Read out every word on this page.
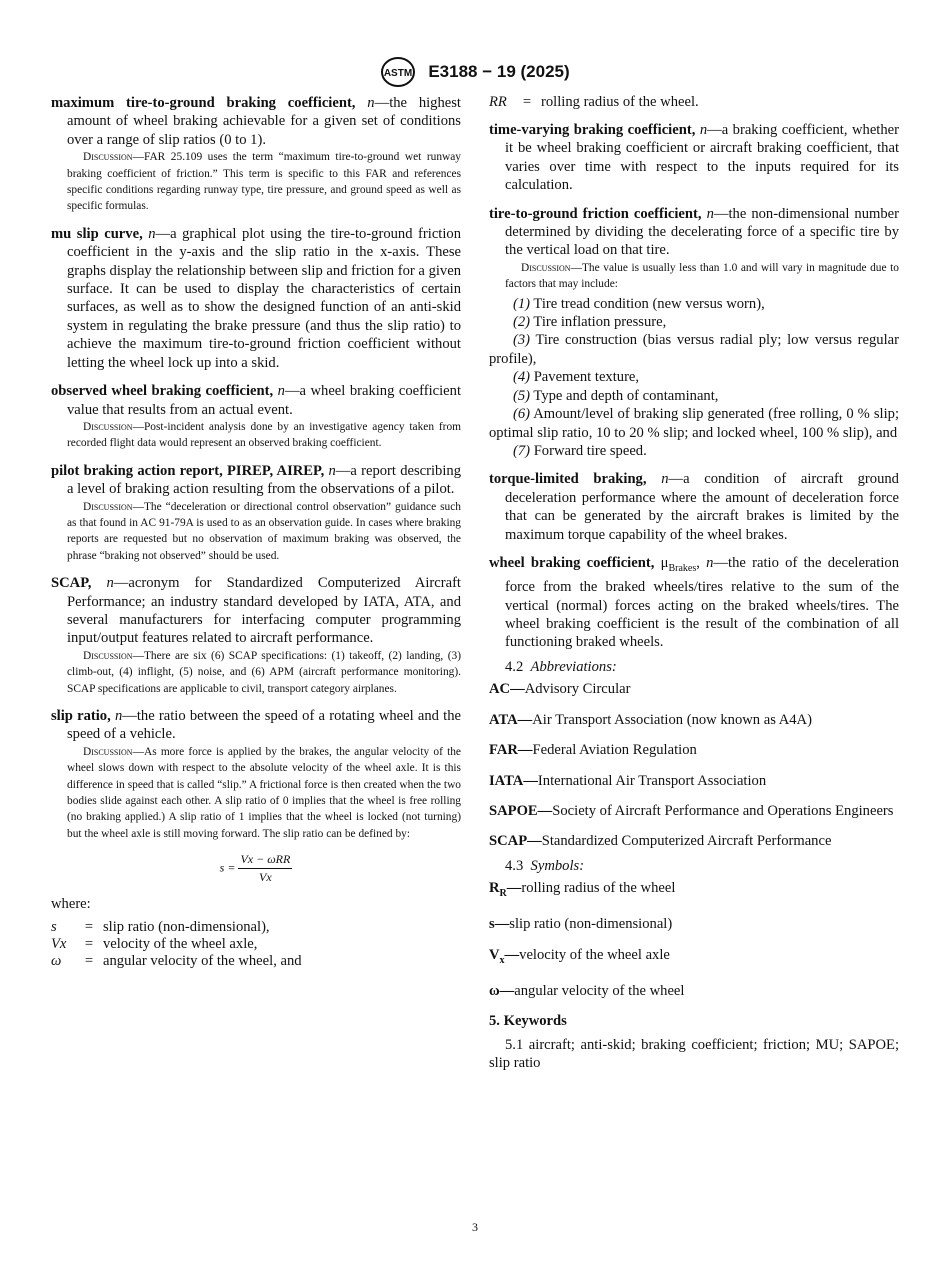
ASTM E3188 − 19 (2025)
maximum tire-to-ground braking coefficient, n—the highest amount of wheel braking achievable for a given set of conditions over a range of slip ratios (0 to 1).

Discussion—FAR 25.109 uses the term “maximum tire-to-ground wet runway braking coefficient of friction.” This term is specific to this FAR and references specific conditions regarding runway type, tire pressure, and ground speed as well as specific formulas.

mu slip curve, n—a graphical plot using the tire-to-ground friction coefficient in the y-axis and the slip ratio in the x-axis. These graphs display the relationship between slip and friction for a given surface. It can be used to display the characteristics of certain surfaces, as well as to show the designed function of an anti-skid system in regulating the brake pressure (and thus the slip ratio) to achieve the maximum tire-to-ground friction coefficient without letting the wheel lock up into a skid.
observed wheel braking coefficient, n—a wheel braking coefficient value that results from an actual event.

Discussion—Post-incident analysis done by an investigative agency taken from recorded flight data would represent an observed braking coefficient.

pilot braking action report, PIREP, AIREP, n—a report describing a level of braking action resulting from the observations of a pilot.

Discussion—The “deceleration or directional control observation” guidance such as that found in AC 91-79A is used to as an observation guide. In cases where braking reports are requested but no observation of maximum braking was observed, the phrase “braking not observed” should be used.

SCAP, n—acronym for Standardized Computerized Aircraft Performance; an industry standard developed by IATA, ATA, and several manufacturers for interfacing computer programming input/output features related to aircraft performance.

Discussion—There are six (6) SCAP specifications: (1) takeoff, (2) landing, (3) climb-out, (4) inflight, (5) noise, and (6) APM (aircraft performance monitoring). SCAP specifications are applicable to civil, transport category airplanes.

slip ratio, n—the ratio between the speed of a rotating wheel and the speed of a vehicle.

Discussion—As more force is applied by the brakes, the angular velocity of the wheel slows down with respect to the absolute velocity of the wheel axle. It is this difference in speed that is called “slip.” A frictional force is then created when the two bodies slide against each other. A slip ratio of 0 implies that the wheel is free rolling (no braking applied.) A slip ratio of 1 implies that the wheel is locked (not turning) but the wheel axle is still moving forward. The slip ratio can be defined by:

$s = \frac{\text{Vx − ωRR}}{Vx}$
where:
s	=	slip ratio (non-dimensional),
Vx	=	velocity of the wheel axle,
ω	=	angular velocity of the wheel, and
RR	=	rolling radius of the wheel.
time-varying braking coefficient, n—a braking coefficient, whether it be wheel braking coefficient or aircraft braking coefficient, that varies over time with respect to the inputs required for its calculation.
tire-to-ground friction coefficient, n—the non-dimensional number determined by dividing the decelerating force of a specific tire by the vertical load on that tire.

Discussion—The value is usually less than 1.0 and will vary in magnitude due to factors that may include:

(1) Tire tread condition (new versus worn),

(2) Tire inflation pressure,

(3) Tire construction (bias versus radial ply; low versus regular profile),

(4) Pavement texture,

(5) Type and depth of contaminant,

(6) Amount/level of braking slip generated (free rolling, 0 % slip; optimal slip ratio, 10 to 20 % slip; and locked wheel, 100 % slip), and

(7) Forward tire speed.

torque-limited braking, n—a condition of aircraft ground deceleration performance where the amount of deceleration force that can be generated by the aircraft brakes is limited by the maximum torque capability of the wheel brakes.
wheel braking coefficient, $\mu_{Brakes}$, n—the ratio of the deceleration force from the braked wheels/tires relative to the sum of the vertical (normal) forces acting on the braked wheels/tires. The wheel braking coefficient is the result of the combination of all functioning braked wheels.

4.2 Abbreviations:

AC—Advisory Circular

ATA—Air Transport Association (now known as A4A)

FAR—Federal Aviation Regulation

IATA—International Air Transport Association

SAPOE—Society of Aircraft Performance and Operations Engineers

SCAP—Standardized Computerized Aircraft Performance

4.3 Symbols:

$R_R—rolling$ radius of the wheel

s—slip ratio (non-dimensional)

$V_x—velocity$ of the wheel axle

ω—angular velocity of the wheel

5. Keywords

5.1 aircraft; anti-skid; braking coefficient; friction; MU; SAPOE; slip ratio

3
